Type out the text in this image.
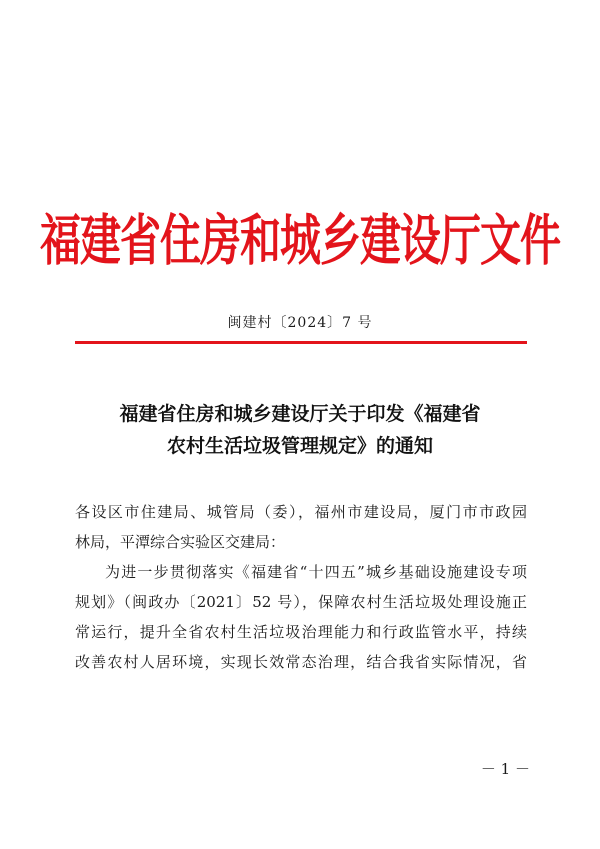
福建省住房和城乡建设厅文件
闽建村〔2024〕7 号
福建省住房和城乡建设厅关于印发《福建省
农村生活垃圾管理规定》的通知
各设区市住建局、城管局（委），福州市建设局，厦门市市政园
林局，平潭综合实验区交建局：
为进一步贯彻落实《福建省“十四五”城乡基础设施建设专项
规划》（闽政办〔2021〕52 号），保障农村生活垃圾处理设施正
常运行，提升全省农村生活垃圾治理能力和行政监管水平，持续
改善农村人居环境，实现长效常态治理，结合我省实际情况，省
－ 1 －
